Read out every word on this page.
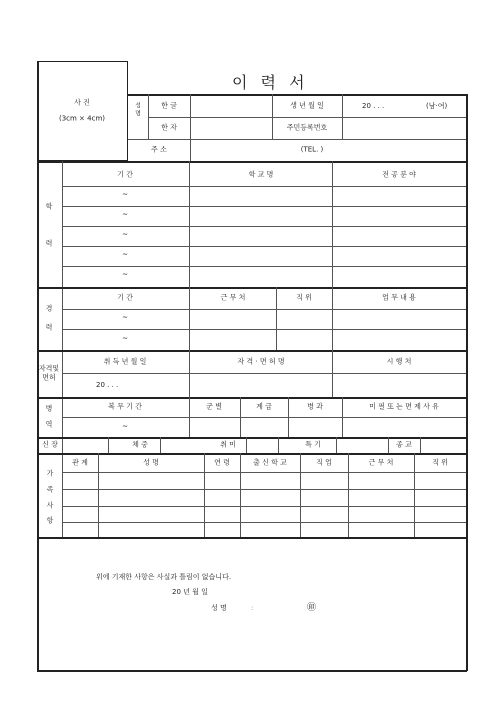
이 력 서
사 진
(3cm × 4cm)
성명
한 글
한 자
생 년 월 일	20 . . .	(남·여)
주민등록번호
주 소	(TEL. )
학
력
기 간	학 교 명	전 공 분 야
~
~
~
~
~
경
력
기 간	근 무 처	직 위	업 무 내 용
~
~
자격및
면허
취 득 년 월 일	자 격 · 면 허 명	시 행 처
20 . . .
병
역
복 무 기 간	군 별	계 급	병 과	미 필 또 는 면 제 사 유
~
신 장	체 중	취 미	특 기	종 교
가
족
사
항
관 계	성 명	연 령	출 신 학 교	직 업	근 무 처	직 위
위에 기재한 사항은 사실과 틀림이 없습니다.
20 년 월 일
성 명	:	㊞
